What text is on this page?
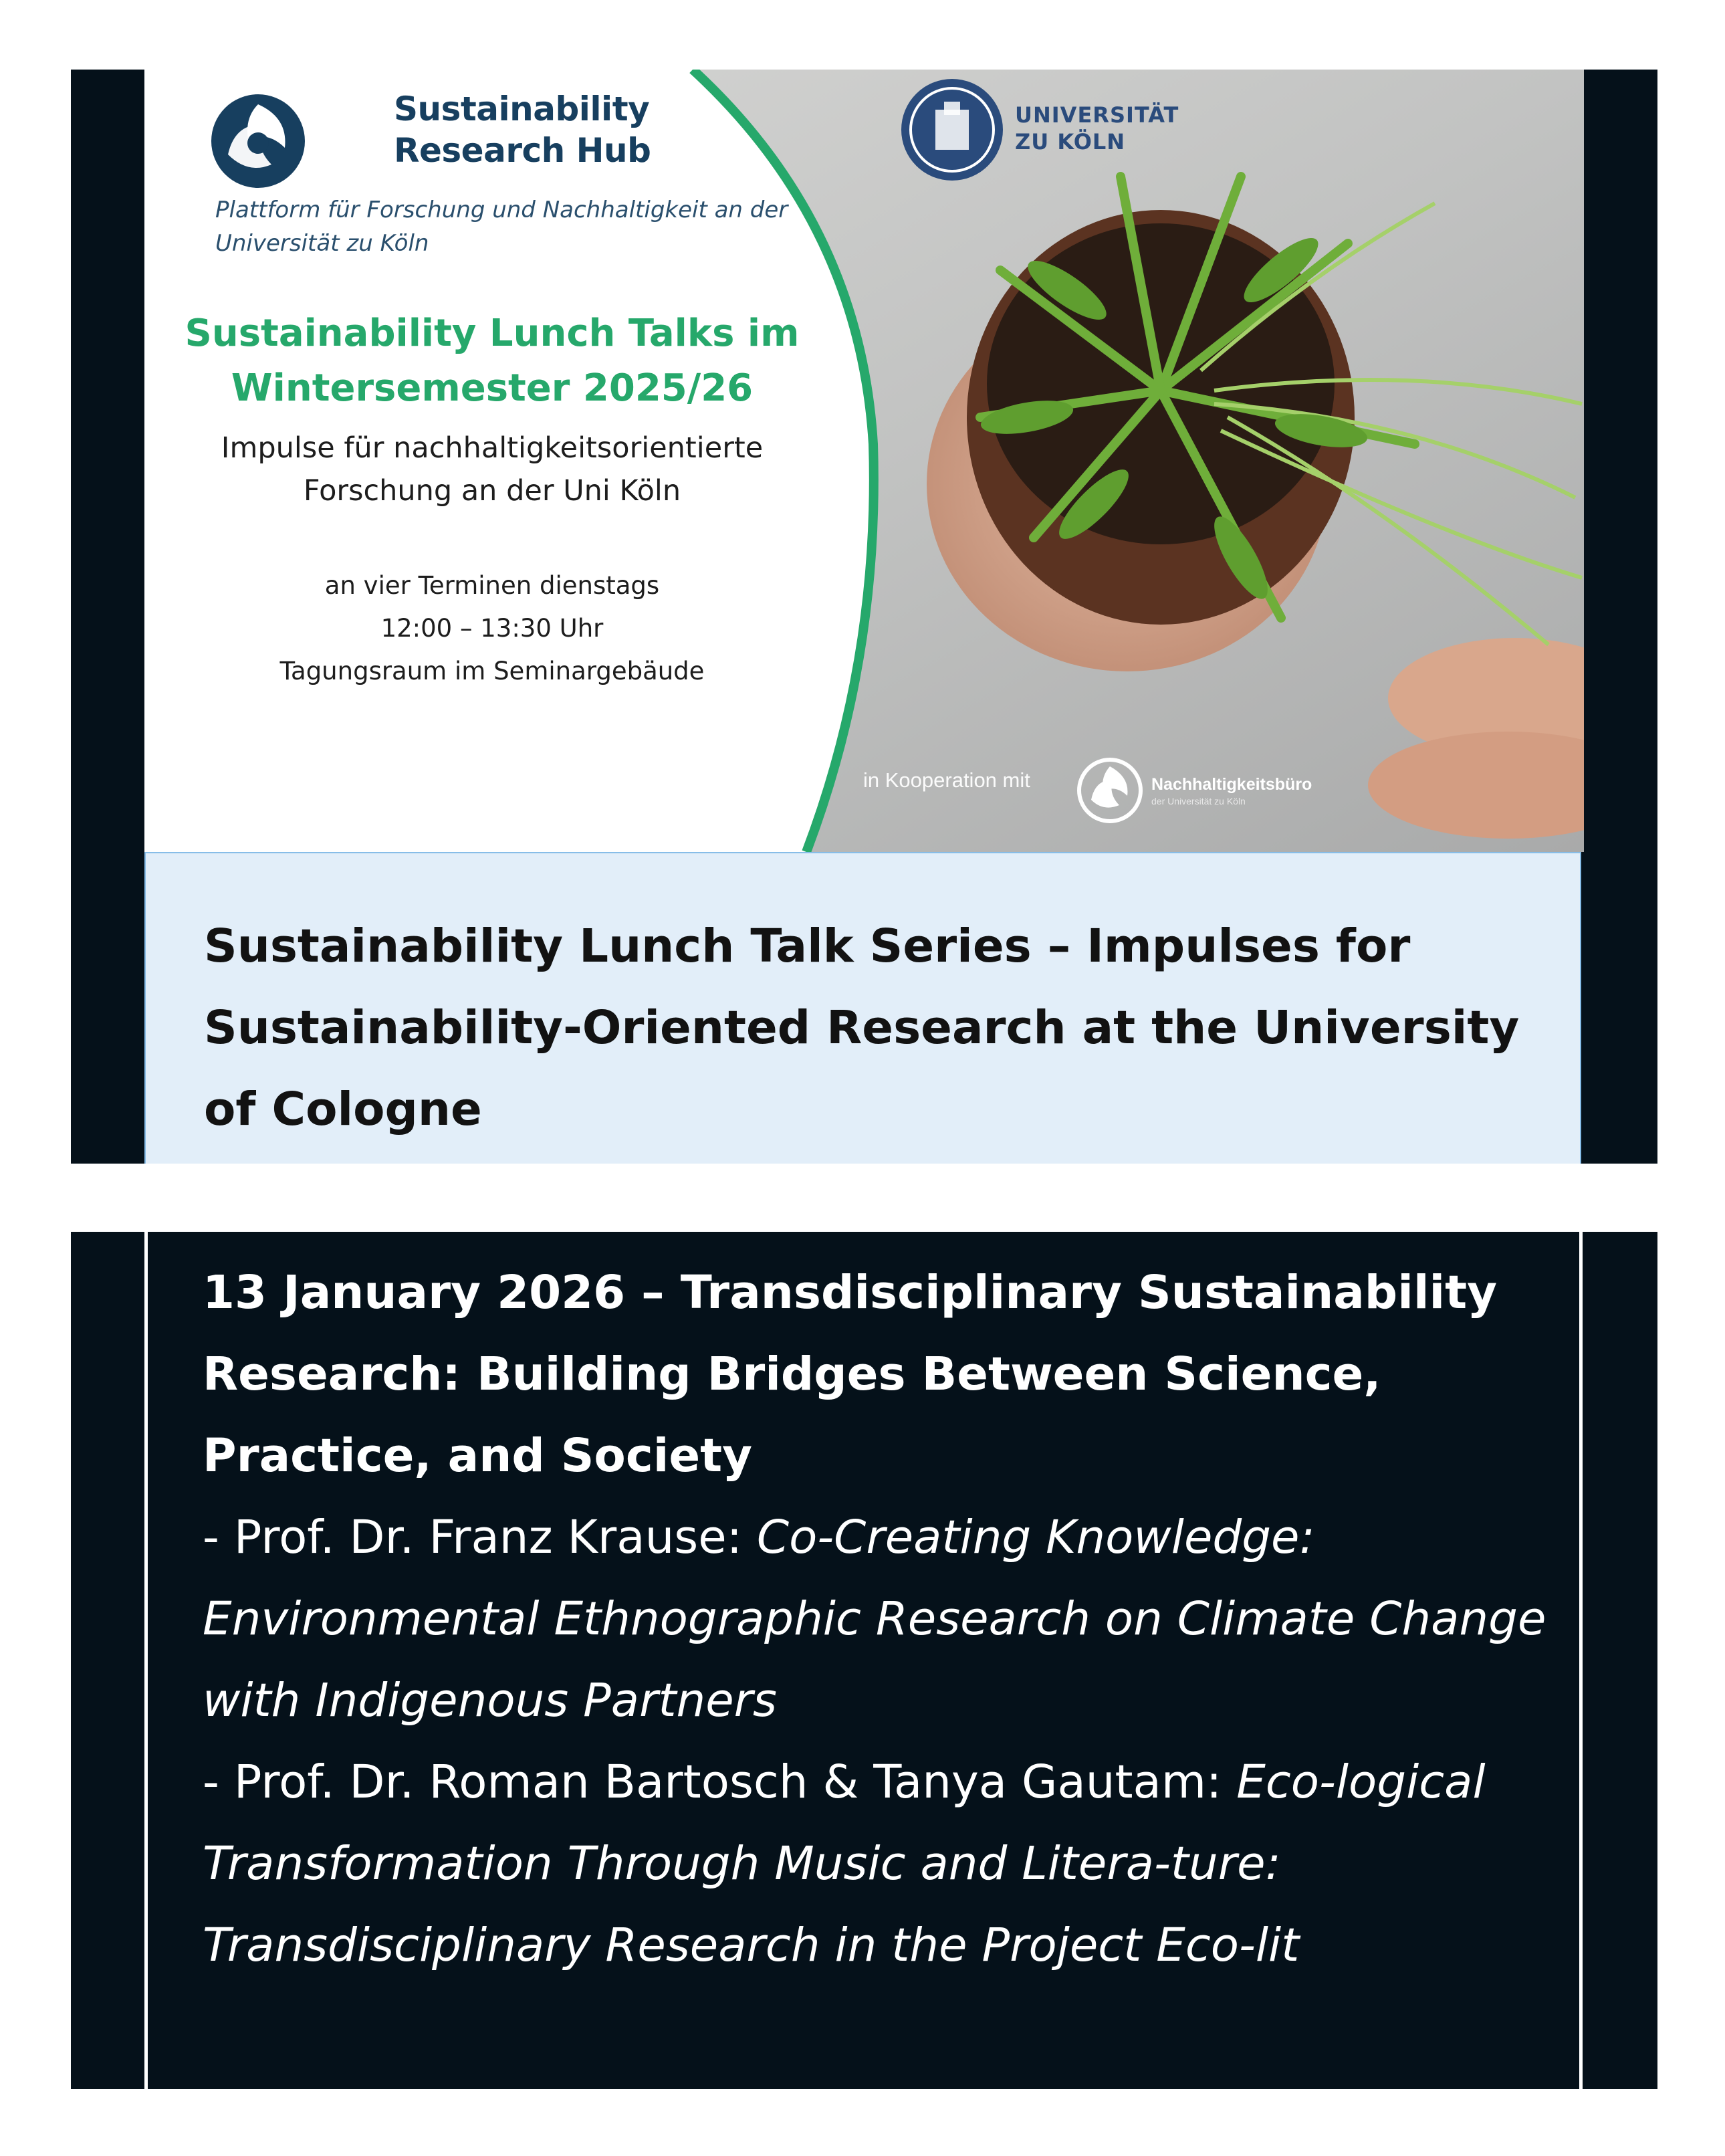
Sustainability
Research Hub
Plattform für Forschung und Nachhaltigkeit an der Universität zu Köln
Sustainability Lunch Talks im
Wintersemester 2025/26
Impulse für nachhaltigkeitsorientierte
Forschung an der Uni Köln
an vier Terminen dienstags
12:00 – 13:30 Uhr
Tagungsraum im Seminargebäude
UNIVERSITÄT
ZU KÖLN
in Kooperation mit	Nachhaltigkeitsbüro
der Universität zu Köln
Sustainability Lunch Talk Series – Impulses for Sustainability-Oriented Research at the University of Cologne
13 January 2026 – Transdisciplinary Sustainability Research: Building Bridges Between Science, Practice, and Society
- Prof. Dr. Franz Krause: Co-Creating Knowledge: Environmental Ethnographic Research on Climate Change with Indigenous Partners
- Prof. Dr. Roman Bartosch & Tanya Gautam: Eco-logical Transformation Through Music and Litera-ture: Transdisciplinary Research in the Project Eco-lit
